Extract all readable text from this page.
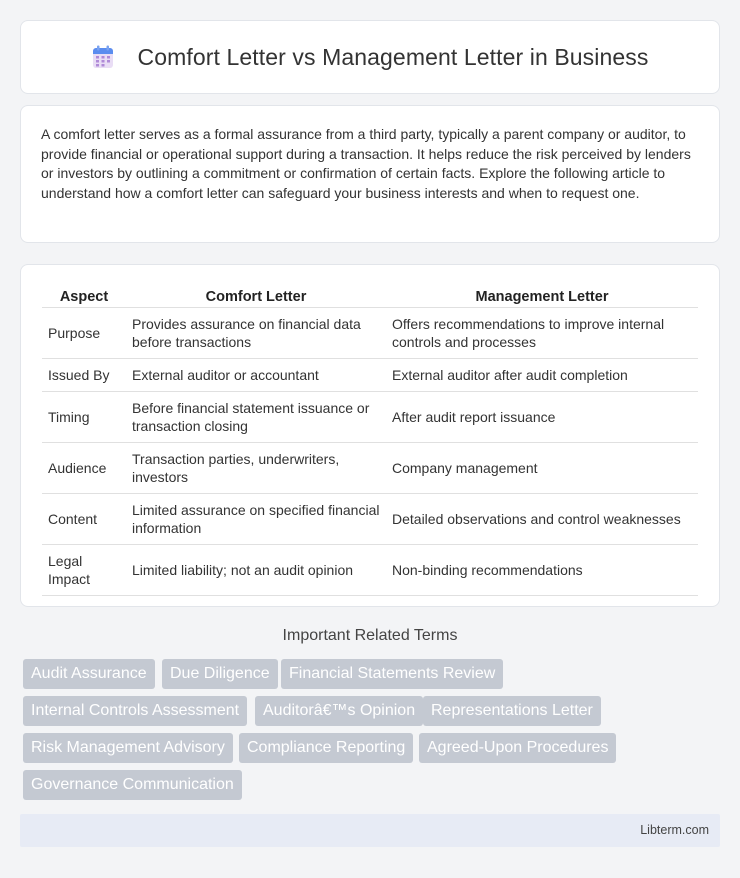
Comfort Letter vs Management Letter in Business

A comfort letter serves as a formal assurance from a third party, typically a parent company or auditor, to provide financial or operational support during a transaction. It helps reduce the risk perceived by lenders or investors by outlining a commitment or confirmation of certain facts. Explore the following article to understand how a comfort letter can safeguard your business interests and when to request one.

Aspect	Comfort Letter	Management Letter
Purpose	Provides assurance on financial data before transactions	Offers recommendations to improve internal controls and processes
Issued By	External auditor or accountant	External auditor after audit completion
Timing	Before financial statement issuance or transaction closing	After audit report issuance
Audience	Transaction parties, underwriters, investors	Company management
Content	Limited assurance on specified financial information	Detailed observations and control weaknesses
Legal Impact	Limited liability; not an audit opinion	Non-binding recommendations
Important Related Terms
Audit Assurance	Due Diligence	Financial Statements Review
Internal Controls Assessment	Auditorâ€™s Opinion Representations Letter
Risk Management Advisory	Compliance Reporting	Agreed-Upon Procedures
Governance Communication
Libterm.com
